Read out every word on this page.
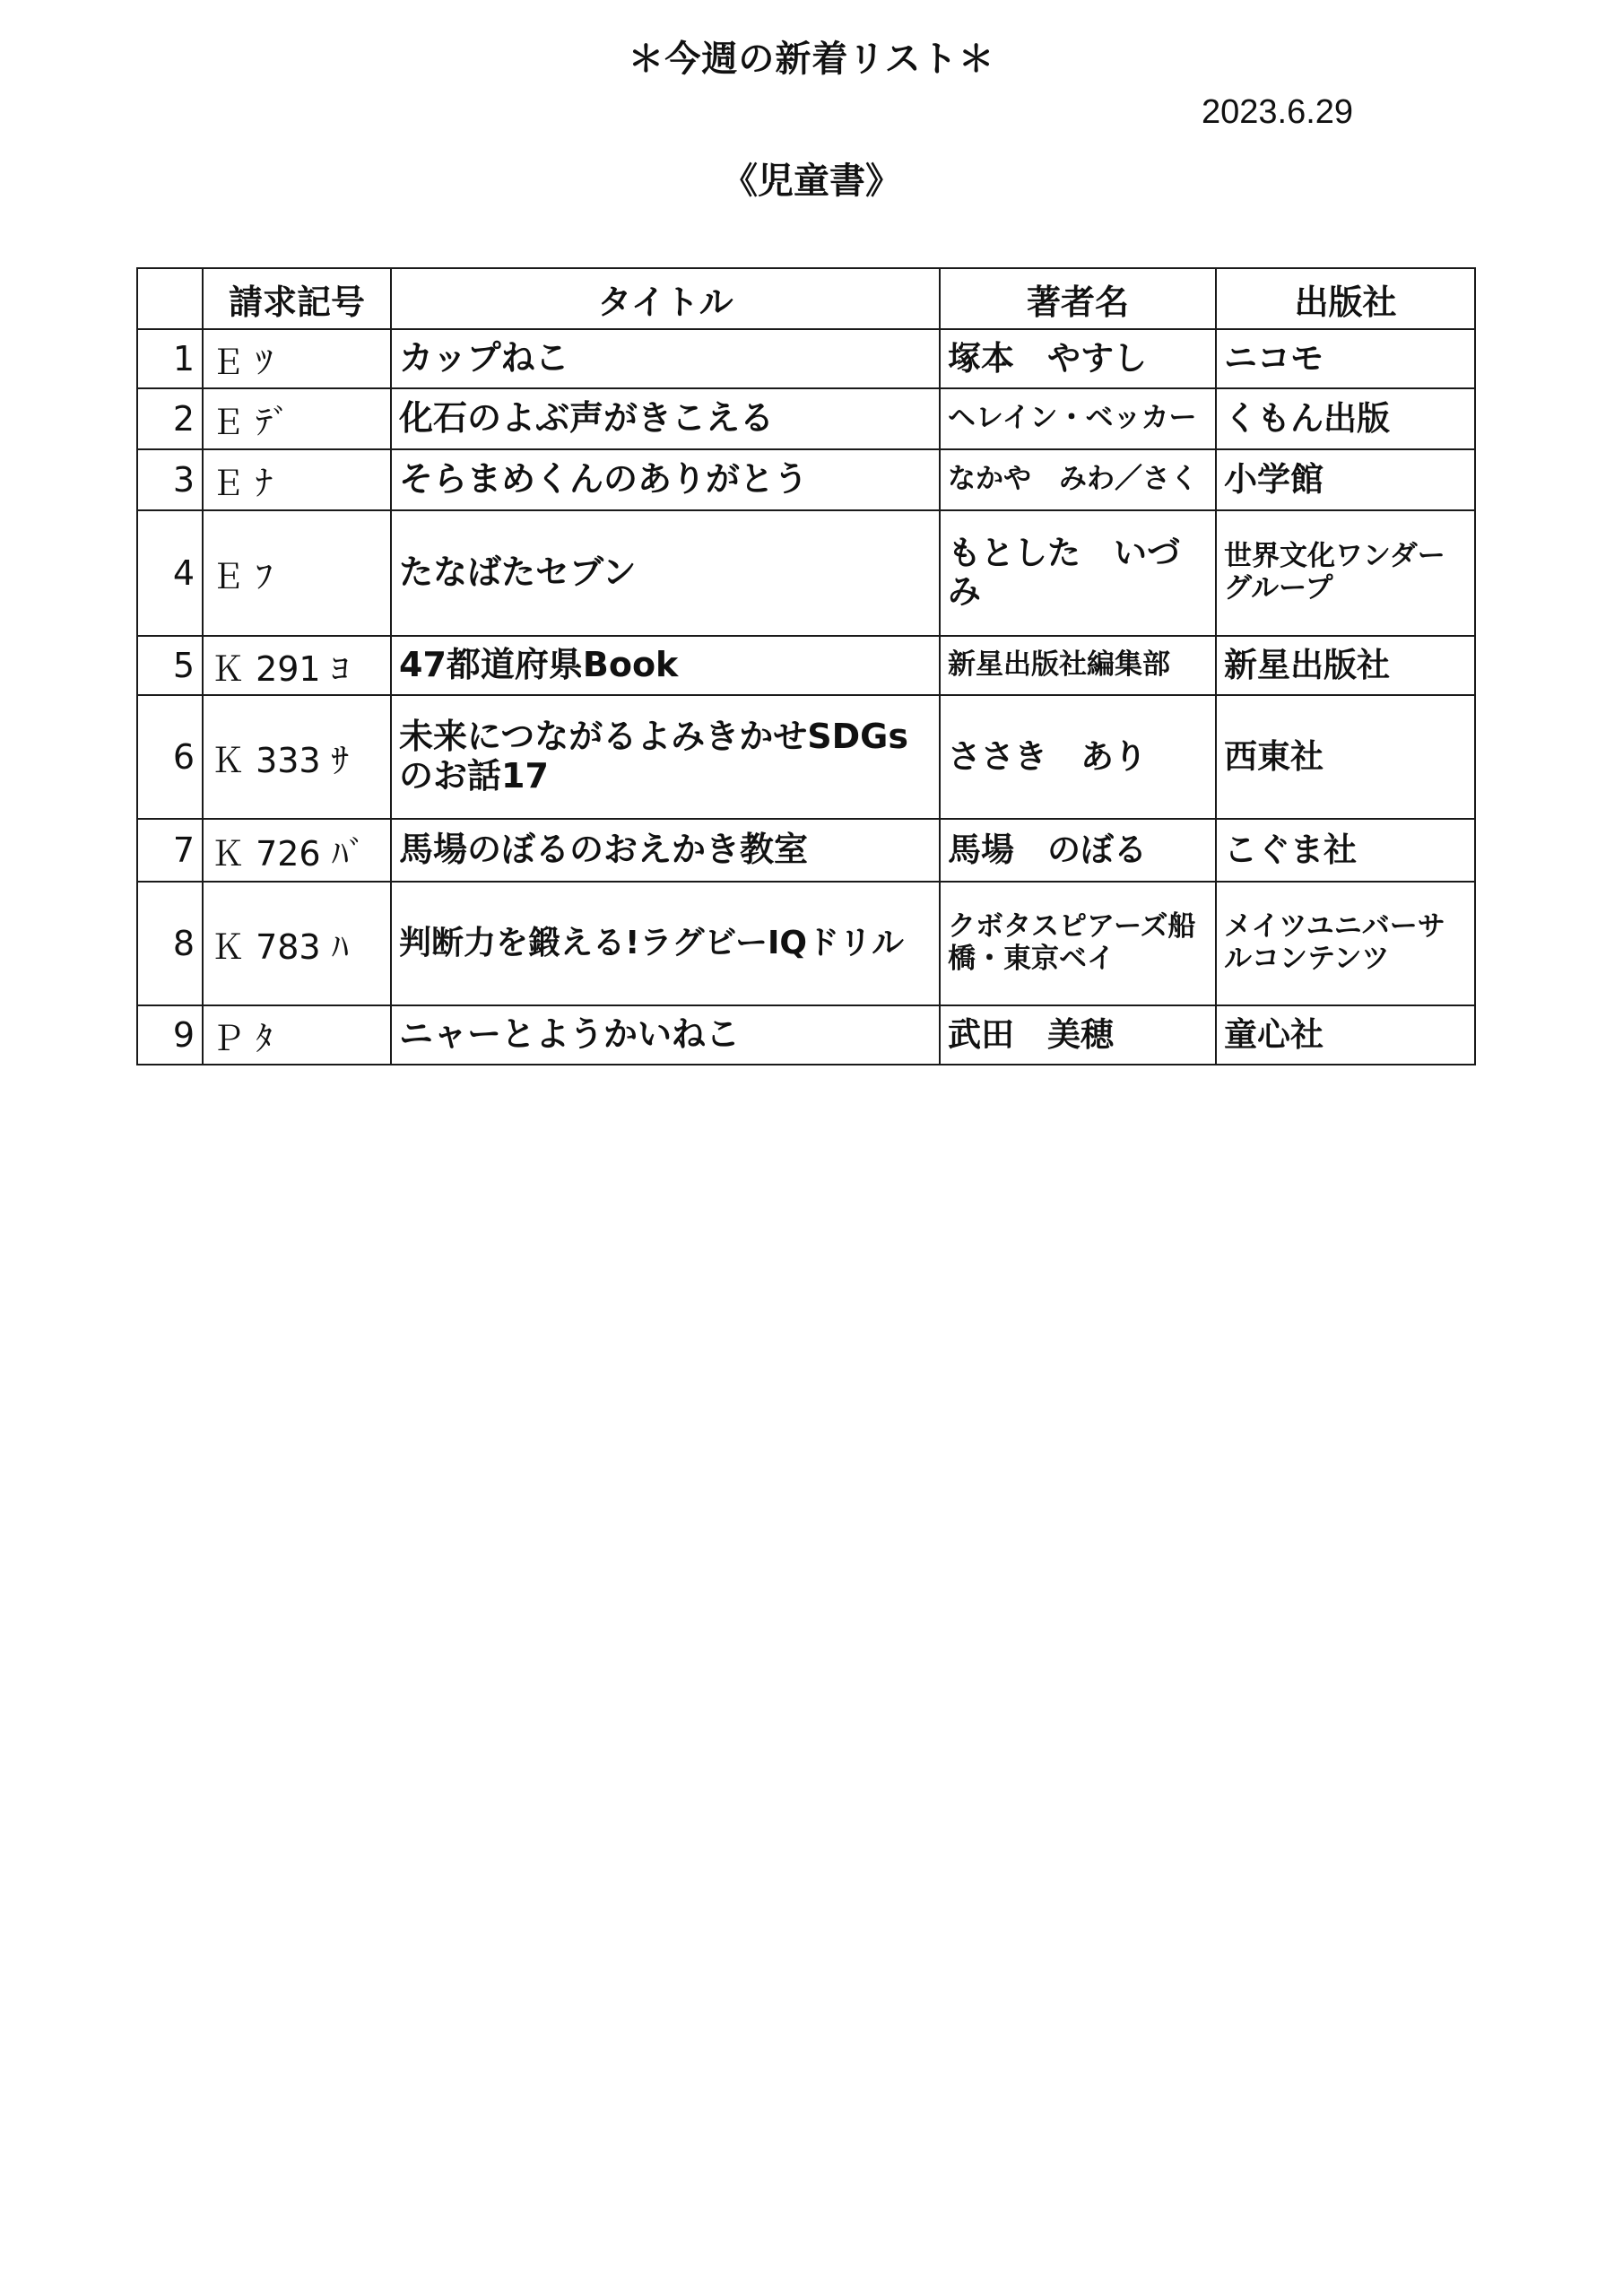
＊今週の新着リスト＊
2023.6.29
《児童書》
	請求記号	タイトル	著者名	出版社
1	Ｅ ﾂ	カップねこ	塚本　やすし	ニコモ
2	Ｅ ﾃﾞ	化石のよぶ声がきこえる	ヘレイン・ベッカー	くもん出版
3	Ｅ ﾅ	そらまめくんのありがとう	なかや　みわ／さく	小学館
4	Ｅ ﾌ	たなばたセブン	もとした　いづみ	世界文化ワンダーグループ
5	Ｋ 291 ﾖ	47都道府県Book	新星出版社編集部	新星出版社
6	Ｋ 333 ｻ	未来につながるよみきかせSDGsのお話17	ささき　あり	西東社
7	Ｋ 726 ﾊﾞ	馬場のぼるのおえかき教室	馬場　のぼる	こぐま社
8	Ｋ 783 ﾊ	判断力を鍛える!ラグビーIQドリル	クボタスピアーズ船橋・東京ベイ	メイツユニバーサルコンテンツ
9	Ｐ ﾀ	ニャーとようかいねこ	武田　美穂	童心社
